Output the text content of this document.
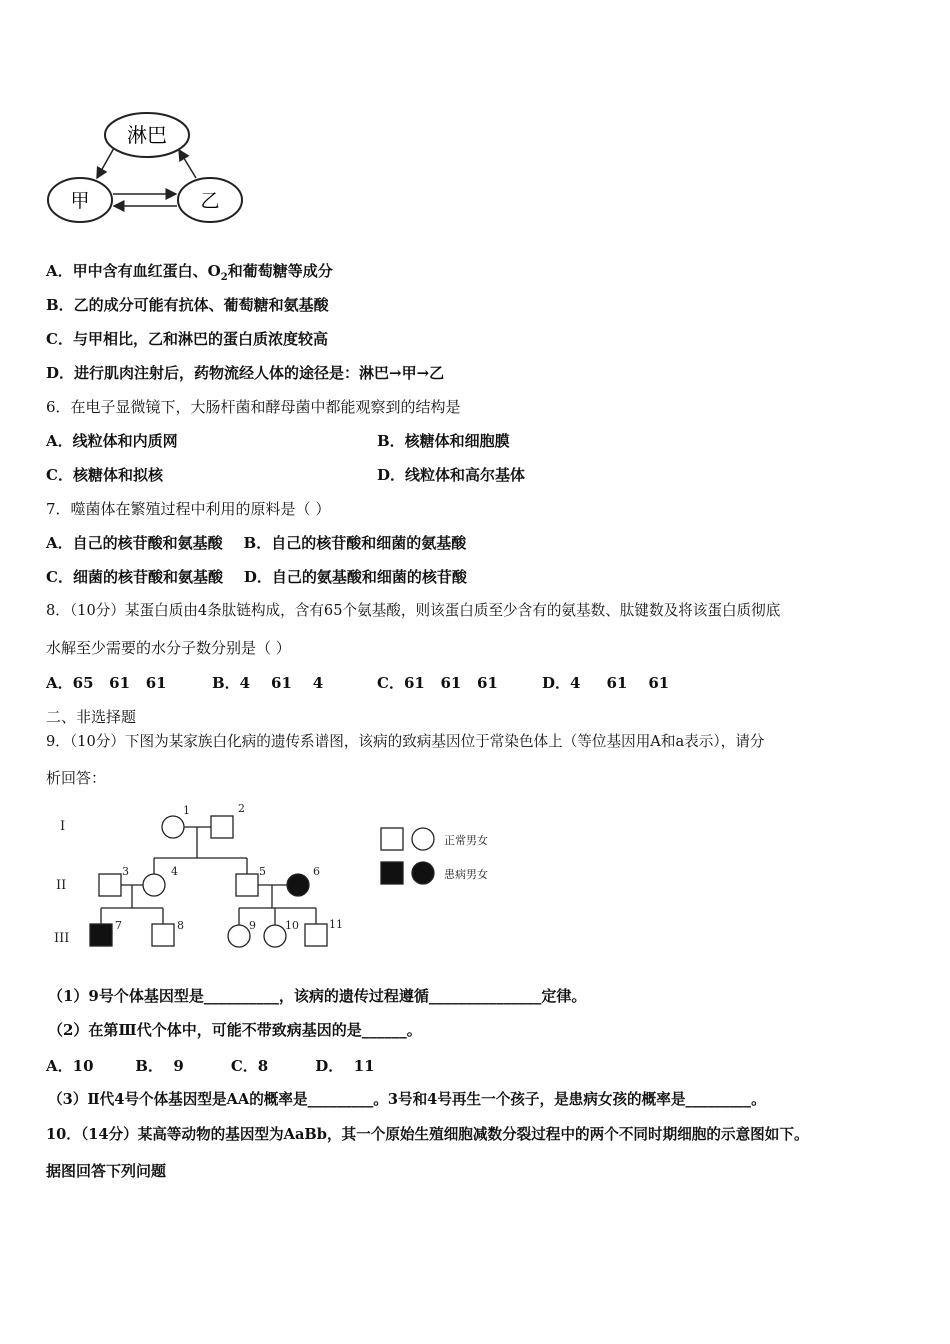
淋巴
甲	乙
A．甲中含有血红蛋白、$O_2$和葡萄糖等成分
B．乙的成分可能有抗体、葡萄糖和氨基酸
C．与甲相比，乙和淋巴的蛋白质浓度较高
D．进行肌肉注射后，药物流经人体的途径是：淋巴→甲→乙
6．在电子显微镜下，大肠杆菌和酵母菌中都能观察到的结构是
A．线粒体和内质网	B．核糖体和细胞膜
C．核糖体和拟核	D．线粒体和高尔基体
7．噬菌体在繁殖过程中利用的原料是（ ）
A．自己的核苷酸和氨基酸    B．自己的核苷酸和细菌的氨基酸
C．细菌的核苷酸和氨基酸    D．自己的氨基酸和细菌的核苷酸
8．（10分）某蛋白质由4条肽链构成，含有65个氨基酸，则该蛋白质至少含有的氨基数、肽键数及将该蛋白质彻底
水解至少需要的水分子数分别是（ ）
A．65   61   61	B．4    61    4	C．61   61   61	D．4     61    61
二、非选择题
9．（10分）下图为某家族白化病的遗传系谱图，该病的致病基因位于常染色体上（等位基因用A和a表示），请分
析回答：
I
II
III
1	2
3	4	5	6
7	8	9	10	11
正常男女
患病男女
（1）9号个体基因型是__________，该病的遗传过程遵循_______________定律。
（2）在第Ⅲ代个体中，可能不带致病基因的是______。
A．10        B．  9         C．8         D．  11
（3）Ⅱ代4号个体基因型是AA的概率是_________。3号和4号再生一个孩子，是患病女孩的概率是_________。
10．（14分）某高等动物的基因型为AaBb，其一个原始生殖细胞减数分裂过程中的两个不同时期细胞的示意图如下。
据图回答下列问题
